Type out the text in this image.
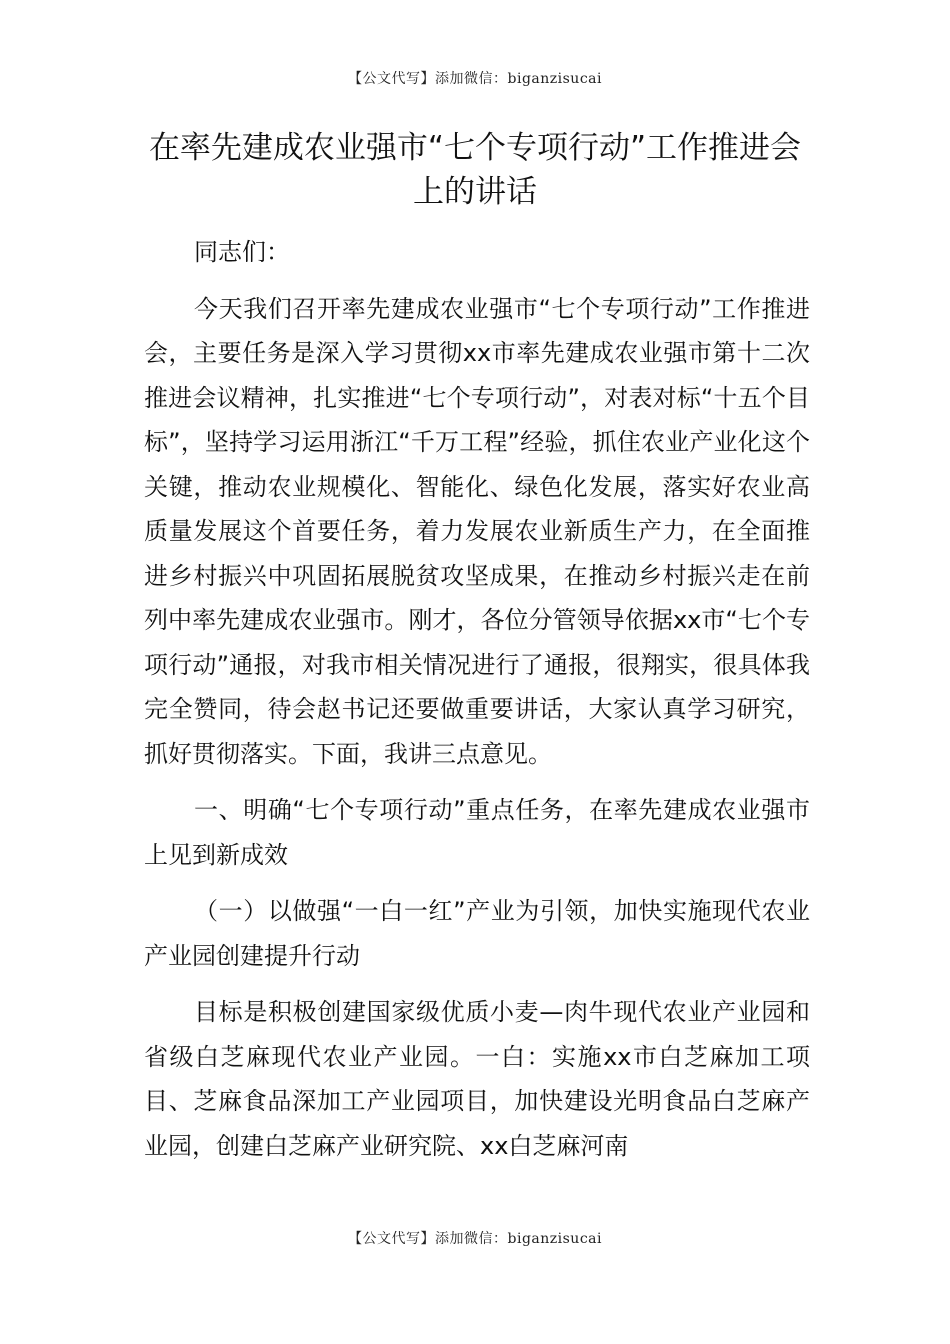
【公文代写】添加微信：biganzisucai
在率先建成农业强市“七个专项行动”工作推进会上的讲话

同志们：

今天我们召开率先建成农业强市“七个专项行动”工作推进会，主要任务是深入学习贯彻xx市率先建成农业强市第十二次推进会议精神，扎实推进“七个专项行动”，对表对标“十五个目标”，坚持学习运用浙江“千万工程”经验，抓住农业产业化这个关键，推动农业规模化、智能化、绿色化发展，落实好农业高质量发展这个首要任务，着力发展农业新质生产力，在全面推进乡村振兴中巩固拓展脱贫攻坚成果，在推动乡村振兴走在前列中率先建成农业强市。刚才，各位分管领导依据xx市“七个专项行动”通报，对我市相关情况进行了通报，很翔实，很具体我完全赞同，待会赵书记还要做重要讲话，大家认真学习研究，抓好贯彻落实。下面，我讲三点意见。

一、明确“七个专项行动”重点任务，在率先建成农业强市上见到新成效

（一）以做强“一白一红”产业为引领，加快实施现代农业产业园创建提升行动

目标是积极创建国家级优质小麦—肉牛现代农业产业园和省级白芝麻现代农业产业园。一白：实施xx市白芝麻加工项目、芝麻食品深加工产业园项目，加快建设光明食品白芝麻产业园，创建白芝麻产业研究院、xx白芝麻河南

【公文代写】添加微信：biganzisucai
